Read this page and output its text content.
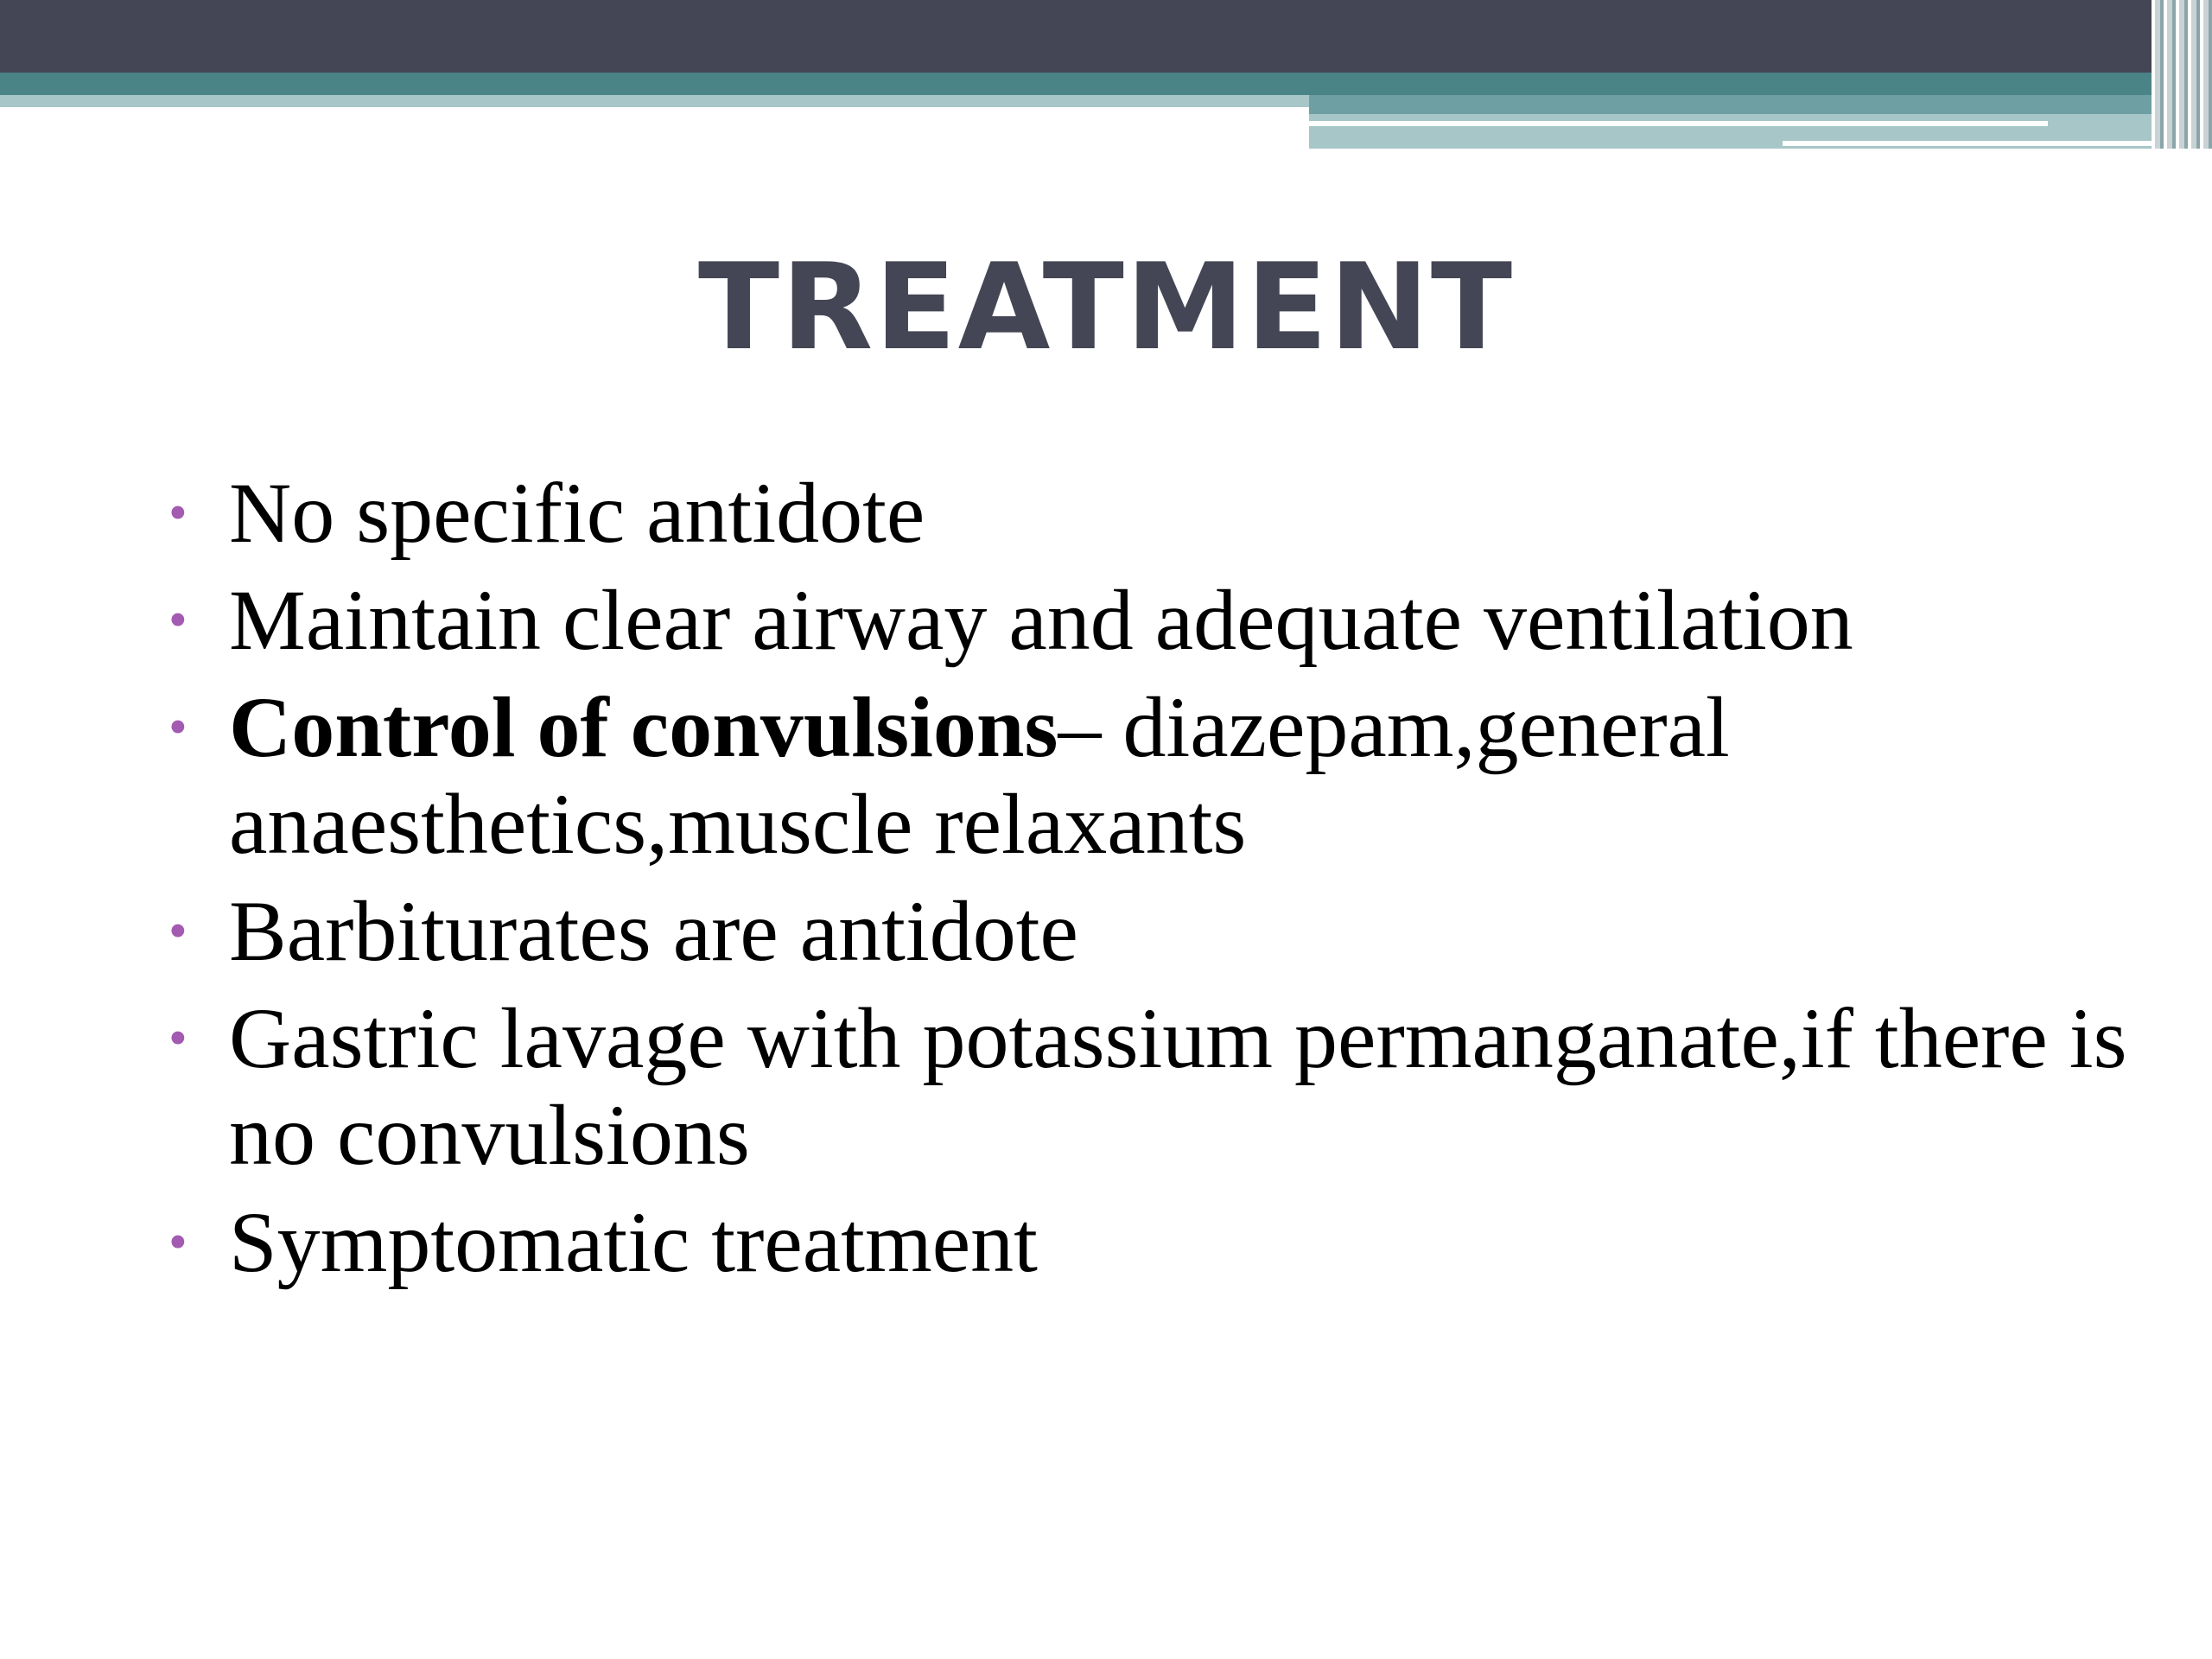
TREATMENT
• No specific antidote
• Maintain clear airway and adequate ventilation
• Control of convulsions– diazepam,general anaesthetics,muscle relaxants
• Barbiturates are antidote
• Gastric lavage with potassium permanganate,if there is no convulsions
• Symptomatic treatment
